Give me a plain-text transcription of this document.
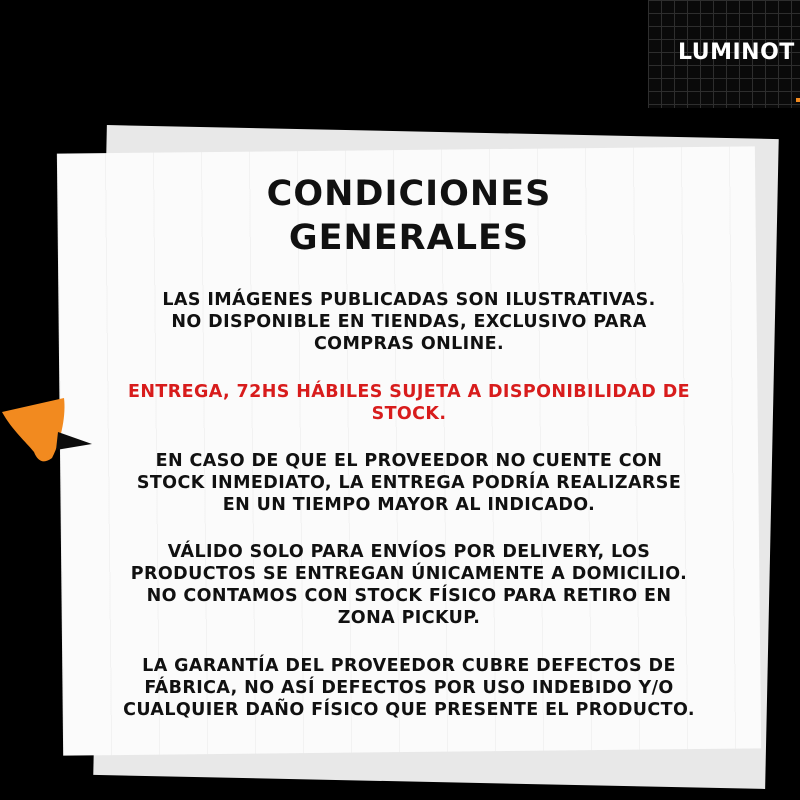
LUMINOT
CONDICIONES
GENERALES

LAS IMÁGENES PUBLICADAS SON ILUSTRATIVAS.
NO DISPONIBLE EN TIENDAS, EXCLUSIVO PARA
COMPRAS ONLINE.

ENTREGA, 72HS HÁBILES SUJETA A DISPONIBILIDAD DE
STOCK.

EN CASO DE QUE EL PROVEEDOR NO CUENTE CON
STOCK INMEDIATO, LA ENTREGA PODRÍA REALIZARSE
EN UN TIEMPO MAYOR AL INDICADO.

VÁLIDO SOLO PARA ENVÍOS POR DELIVERY, LOS
PRODUCTOS SE ENTREGAN ÚNICAMENTE A DOMICILIO.
NO CONTAMOS CON STOCK FÍSICO PARA RETIRO EN
ZONA PICKUP.

LA GARANTÍA DEL PROVEEDOR CUBRE DEFECTOS DE
FÁBRICA, NO ASÍ DEFECTOS POR USO INDEBIDO Y/O
CUALQUIER DAÑO FÍSICO QUE PRESENTE EL PRODUCTO.
